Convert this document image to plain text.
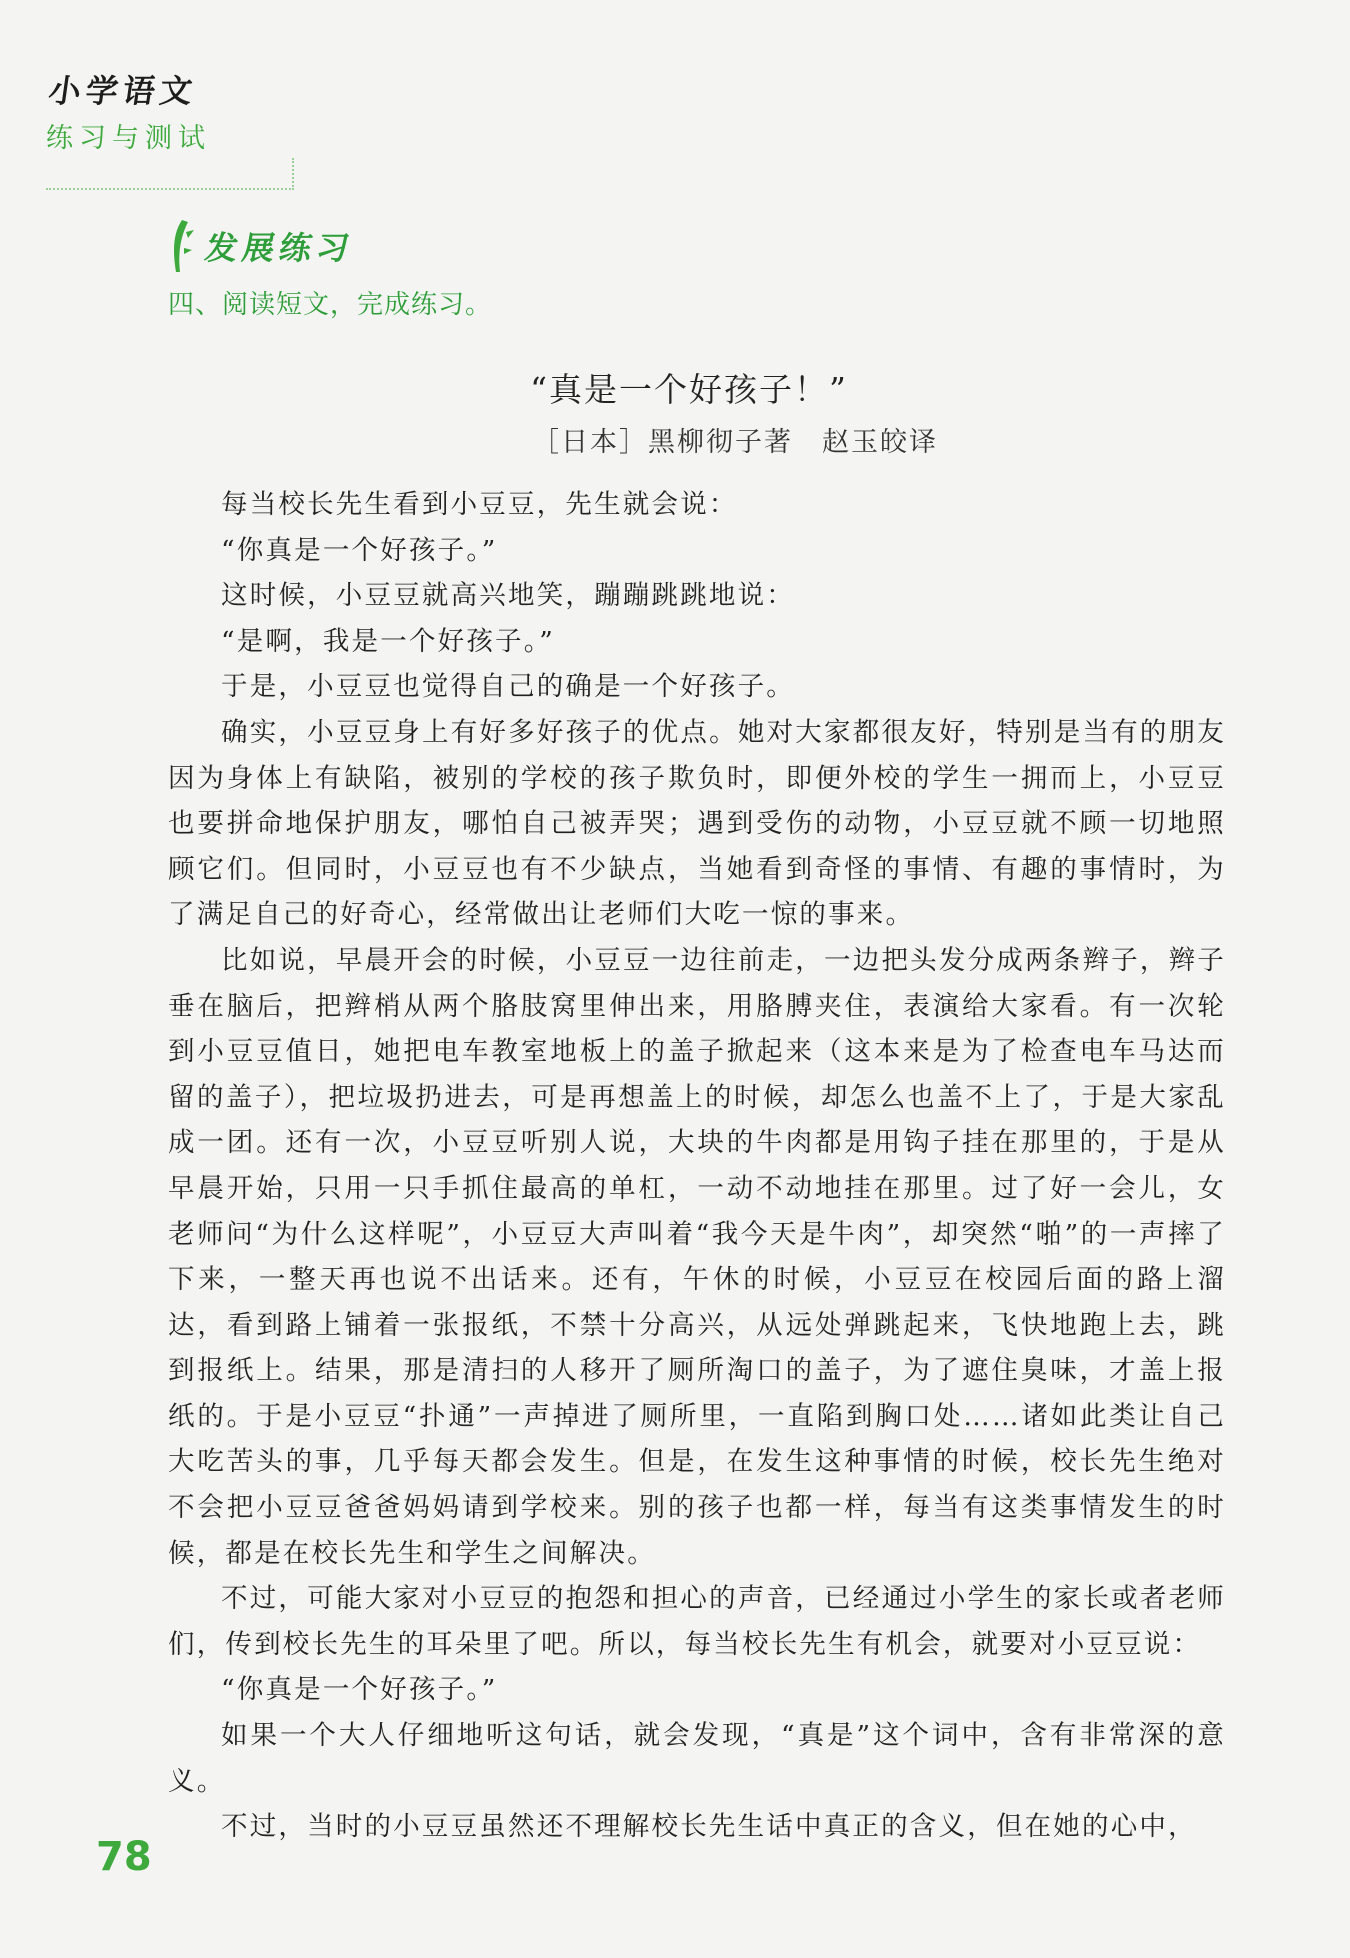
小学语文
练习与测试
发展练习
四、阅读短文，完成练习。
“真是一个好孩子！”
［日本］黑柳彻子著　赵玉皎译

每当校长先生看到小豆豆，先生就会说：

“你真是一个好孩子。”

这时候，小豆豆就高兴地笑，蹦蹦跳跳地说：

“是啊，我是一个好孩子。”

于是，小豆豆也觉得自己的确是一个好孩子。

确实，小豆豆身上有好多好孩子的优点。她对大家都很友好，特别是当有的朋友因为身体上有缺陷，被别的学校的孩子欺负时，即便外校的学生一拥而上，小豆豆也要拼命地保护朋友，哪怕自己被弄哭；遇到受伤的动物，小豆豆就不顾一切地照顾它们。但同时，小豆豆也有不少缺点，当她看到奇怪的事情、有趣的事情时，为了满足自己的好奇心，经常做出让老师们大吃一惊的事来。

比如说，早晨开会的时候，小豆豆一边往前走，一边把头发分成两条辫子，辫子垂在脑后，把辫梢从两个胳肢窝里伸出来，用胳膊夹住，表演给大家看。有一次轮到小豆豆值日，她把电车教室地板上的盖子掀起来（这本来是为了检查电车马达而留的盖子），把垃圾扔进去，可是再想盖上的时候，却怎么也盖不上了，于是大家乱成一团。还有一次，小豆豆听别人说，大块的牛肉都是用钩子挂在那里的，于是从早晨开始，只用一只手抓住最高的单杠，一动不动地挂在那里。过了好一会儿，女老师问“为什么这样呢”，小豆豆大声叫着“我今天是牛肉”，却突然“啪”的一声摔了下来，一整天再也说不出话来。还有，午休的时候，小豆豆在校园后面的路上溜达，看到路上铺着一张报纸，不禁十分高兴，从远处弹跳起来，飞快地跑上去，跳到报纸上。结果，那是清扫的人移开了厕所淘口的盖子，为了遮住臭味，才盖上报纸的。于是小豆豆“扑通”一声掉进了厕所里，一直陷到胸口处……诸如此类让自己大吃苦头的事，几乎每天都会发生。但是，在发生这种事情的时候，校长先生绝对不会把小豆豆爸爸妈妈请到学校来。别的孩子也都一样，每当有这类事情发生的时候，都是在校长先生和学生之间解决。

不过，可能大家对小豆豆的抱怨和担心的声音，已经通过小学生的家长或者老师们，传到校长先生的耳朵里了吧。所以，每当校长先生有机会，就要对小豆豆说：

“你真是一个好孩子。”

如果一个大人仔细地听这句话，就会发现，“真是”这个词中，含有非常深的意义。

不过，当时的小豆豆虽然还不理解校长先生话中真正的含义，但在她的心中，

78
